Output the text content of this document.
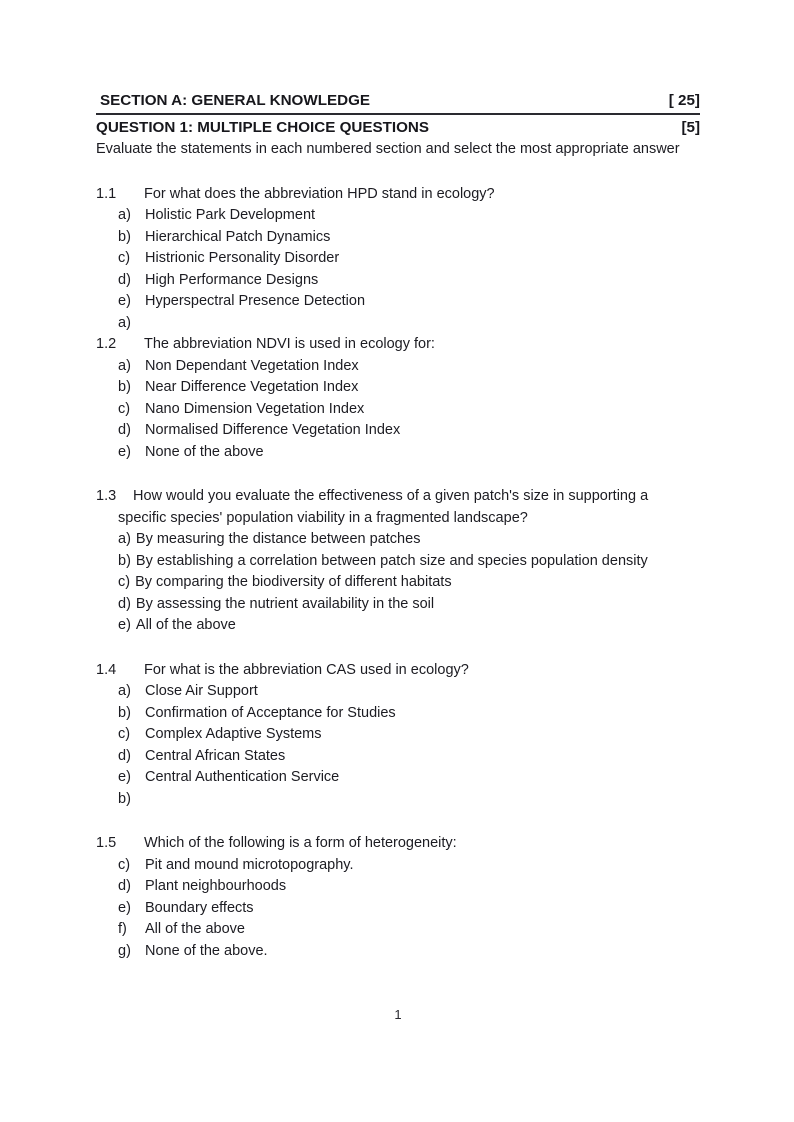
SECTION A: GENERAL KNOWLEDGE	[ 25]
QUESTION 1: MULTIPLE CHOICE QUESTIONS	[5]
Evaluate the statements in each numbered section and select the most appropriate answer
1.1	For what does the abbreviation HPD stand in ecology?
a) Holistic Park Development
b) Hierarchical Patch Dynamics
c)	Histrionic Personality Disorder
d) High Performance Designs
e) Hyperspectral Presence Detection
a)
1.2	The abbreviation NDVI is used in ecology for:
a) Non Dependant Vegetation Index
b) Near Difference Vegetation Index
c)	Nano Dimension Vegetation Index
d) Normalised Difference Vegetation Index
e) None of the above
1.3 How would you evaluate the effectiveness of a given patch's size in supporting a specific species' population viability in a fragmented landscape?
a) By measuring the distance between patches
b) By establishing a correlation between patch size and species population density
c) By comparing the biodiversity of different habitats
d) By assessing the nutrient availability in the soil
e) All of the above
1.4	For what is the abbreviation CAS used in ecology?
a) Close Air Support
b) Confirmation of Acceptance for Studies
c)	Complex Adaptive Systems
d) Central African States
e) Central Authentication Service
b)
1.5	Which of the following is a form of heterogeneity:
c)	Pit and mound microtopography.
d) Plant neighbourhoods
e) Boundary effects
f)	All of the above
g) None of the above.
1
